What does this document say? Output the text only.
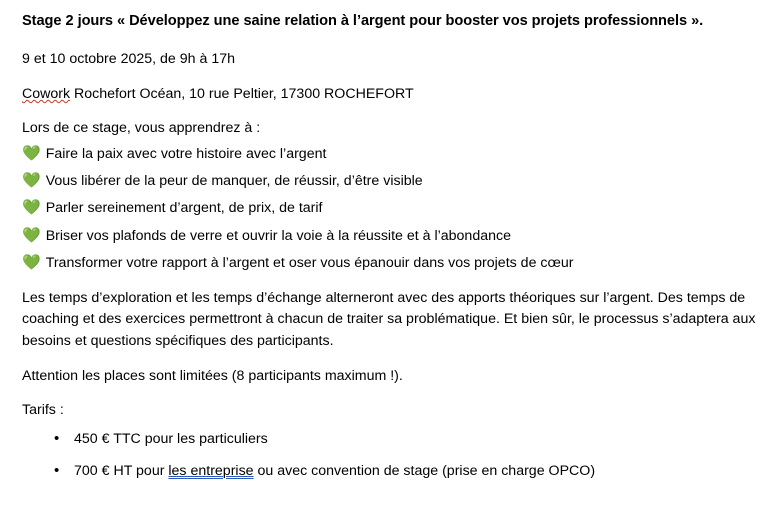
Stage 2 jours « Développez une saine relation à l’argent pour booster vos projets professionnels ».

9 et 10 octobre 2025, de 9h à 17h

Cowork Rochefort Océan, 10 rue Peltier, 17300 ROCHEFORT

Lors de ce stage, vous apprendrez à :

💚 Faire la paix avec votre histoire avec l’argent
💚 Vous libérer de la peur de manquer, de réussir, d’être visible
💚 Parler sereinement d’argent, de prix, de tarif
💚 Briser vos plafonds de verre et ouvrir la voie à la réussite et à l’abondance
💚 Transformer votre rapport à l’argent et oser vous épanouir dans vos projets de cœur

Les temps d’exploration et les temps d’échange alterneront avec des apports théoriques sur l’argent. Des temps de coaching et des exercices permettront à chacun de traiter sa problématique. Et bien sûr, le processus s’adaptera aux besoins et questions spécifiques des participants.

Attention les places sont limitées (8 participants maximum !).

Tarifs :

• 450 € TTC pour les particuliers
• 700 € HT pour les entreprise ou avec convention de stage (prise en charge OPCO)
